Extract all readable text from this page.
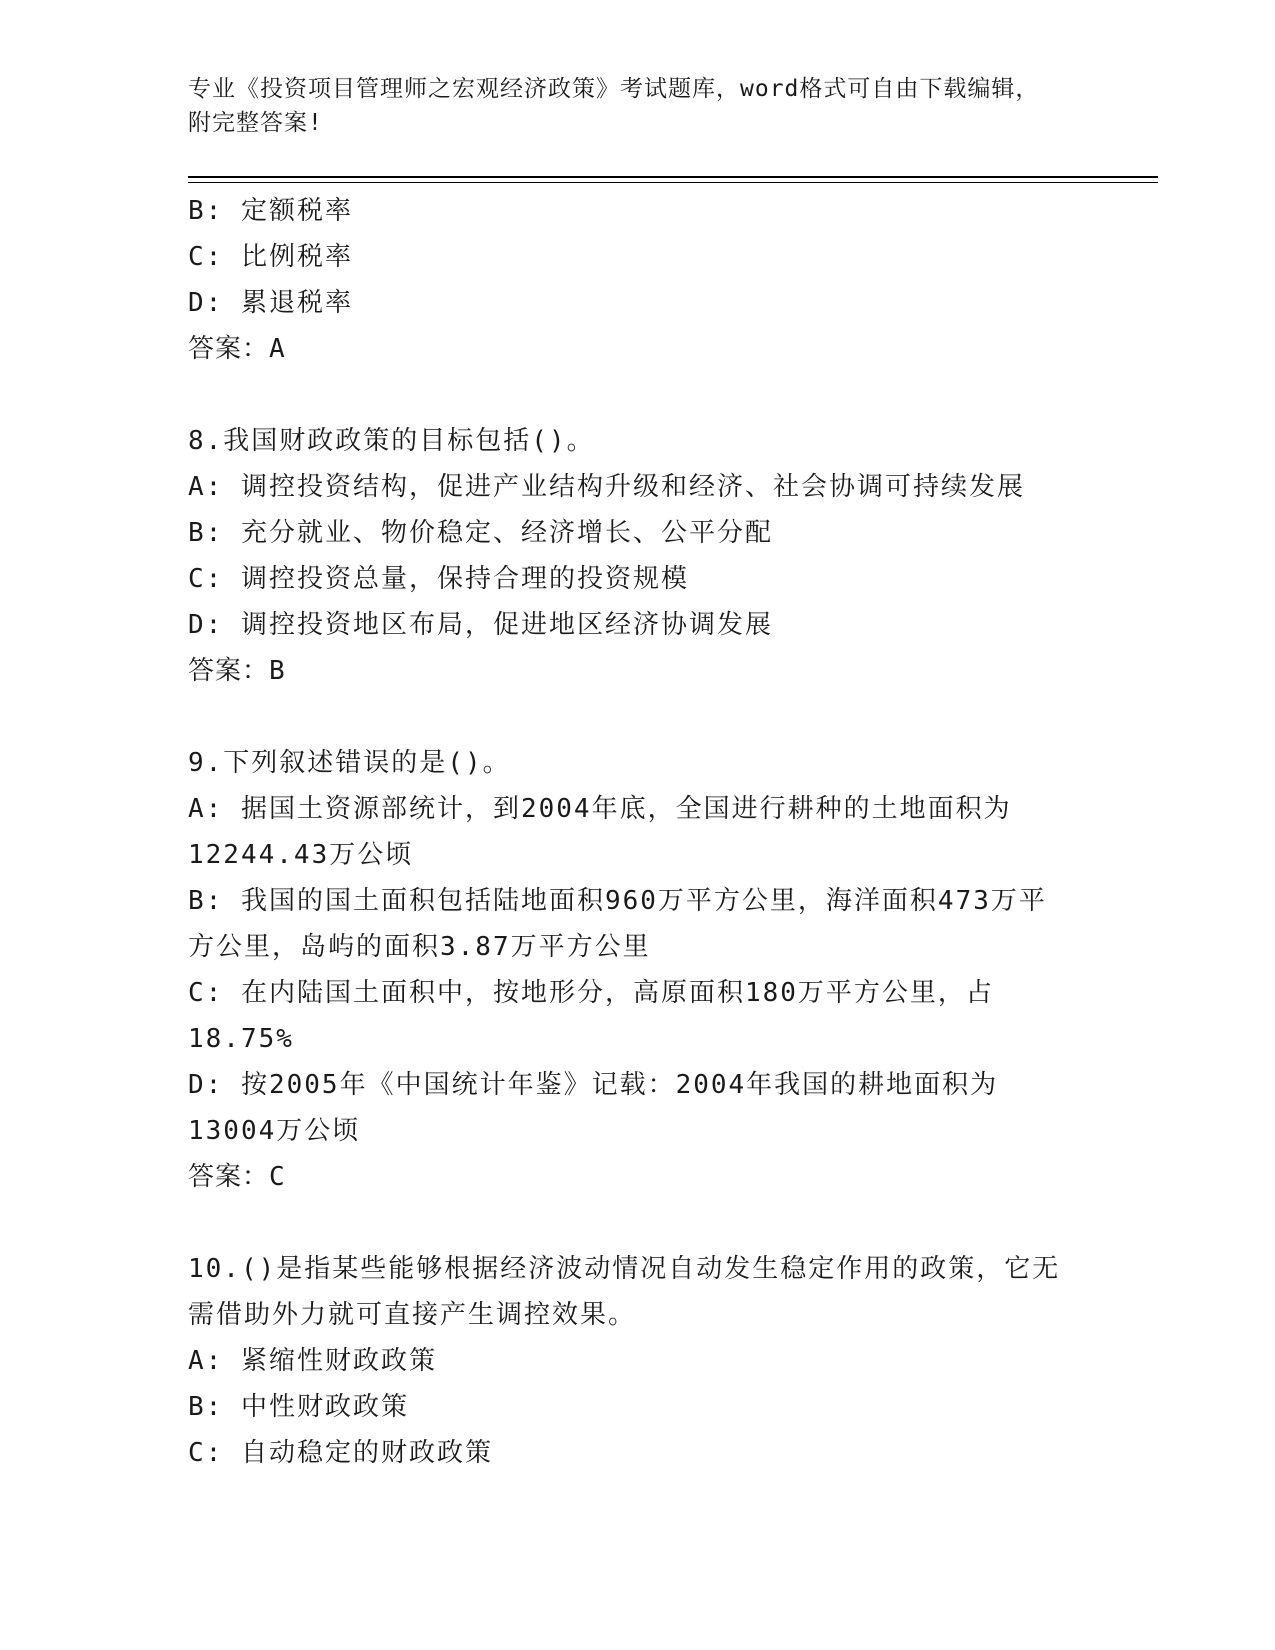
专业《投资项目管理师之宏观经济政策》考试题库，word格式可自由下载编辑，
附完整答案!
B: 定额税率
C: 比例税率
D: 累退税率
答案：A
8.我国财政政策的目标包括()。
A: 调控投资结构，促进产业结构升级和经济、社会协调可持续发展
B: 充分就业、物价稳定、经济增长、公平分配
C: 调控投资总量，保持合理的投资规模
D: 调控投资地区布局，促进地区经济协调发展
答案：B
9.下列叙述错误的是()。
A: 据国土资源部统计，到2004年底，全国进行耕种的土地面积为
12244.43万公顷
B: 我国的国土面积包括陆地面积960万平方公里，海洋面积473万平
方公里，岛屿的面积3.87万平方公里
C: 在内陆国土面积中，按地形分，高原面积180万平方公里，占
18.75%
D: 按2005年《中国统计年鉴》记载：2004年我国的耕地面积为
13004万公顷
答案：C
10.()是指某些能够根据经济波动情况自动发生稳定作用的政策，它无
需借助外力就可直接产生调控效果。
A: 紧缩性财政政策
B: 中性财政政策
C: 自动稳定的财政政策
